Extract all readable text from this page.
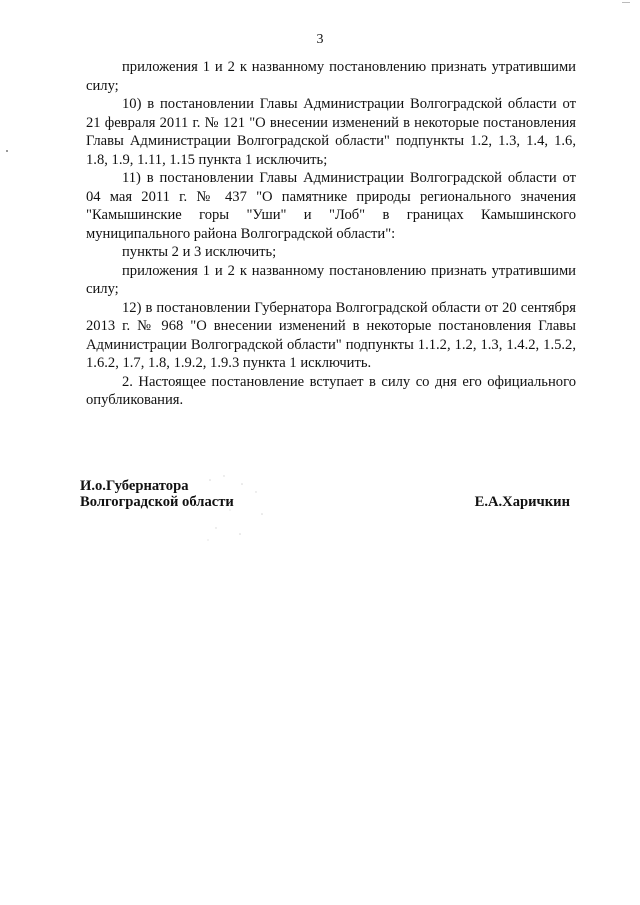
3

приложения 1 и 2 к названному постановлению признать утратившими силу;

10) в постановлении Главы Администрации Волгоградской области от 21 февраля 2011 г. № 121 "О внесении изменений в некоторые постановления Главы Администрации Волгоградской области" подпункты 1.2, 1.3, 1.4, 1.6, 1.8, 1.9, 1.11, 1.15 пункта 1 исключить;

11) в постановлении Главы Администрации Волгоградской области от 04 мая 2011 г. № 437 "О памятнике природы регионального значения "Камышинские горы "Уши" и "Лоб" в границах Камышинского муниципального района Волгоградской области":

пункты 2 и 3 исключить;

приложения 1 и 2 к названному постановлению признать утратившими силу;

12) в постановлении Губернатора Волгоградской области от 20 сентября 2013 г. № 968 "О внесении изменений в некоторые постановления Главы Администрации Волгоградской области" подпункты 1.1.2, 1.2, 1.3, 1.4.2, 1.5.2, 1.6.2, 1.7, 1.8, 1.9.2, 1.9.3 пункта 1 исключить.

2. Настоящее постановление вступает в силу со дня его официального опубликования.

И.о.Губернатора
Волгоградской области	Е.А.Харичкин
